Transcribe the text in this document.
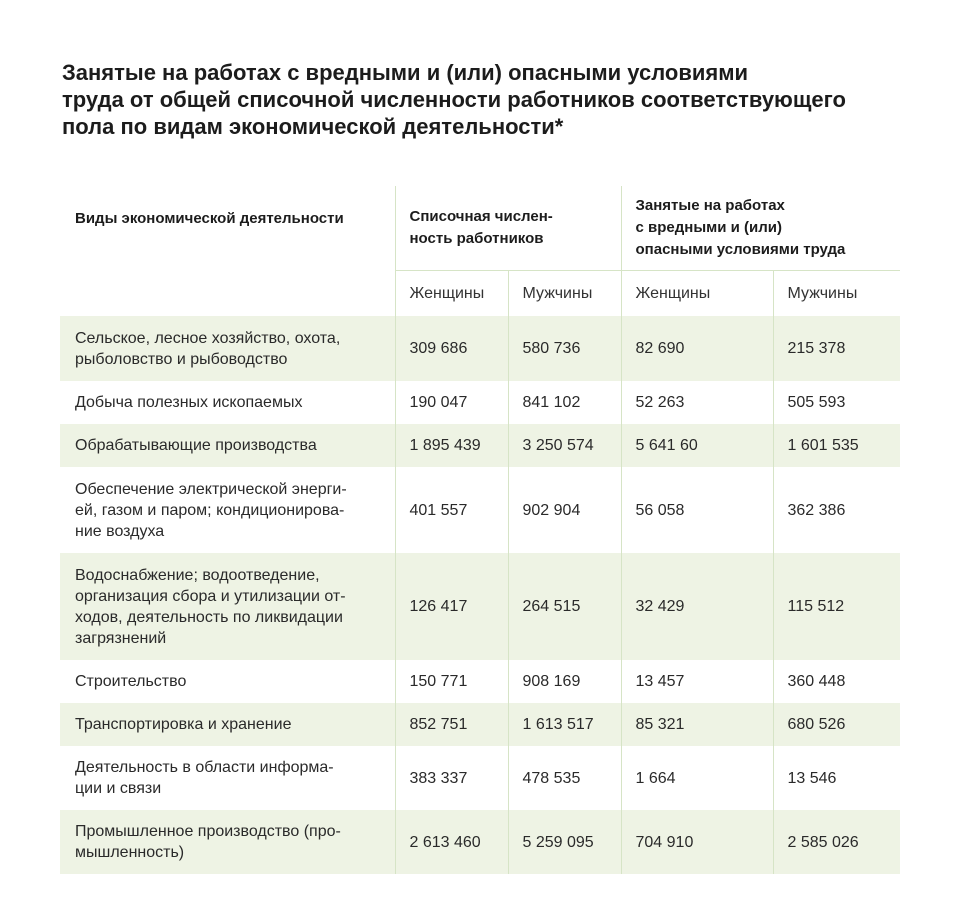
Занятые на работах с вредными и (или) опасными условиями
труда от общей списочной численности работников соответствующего
пола по видам экономической деятельности*
Виды экономической деятельности	Списочная числен-
ность работников		Занятые на работах
с вредными и (или)
опасными условиями труда	

	Женщины	Мужчины	Женщины	Мужчины

Сельское, лесное хозяйство, охота,
рыболовство и рыбоводство	309 686	580 736	82 690	215 378

Добыча полезных ископаемых	190 047	841 102	52 263	505 593

Обрабатывающие производства	1 895 439	3 250 574	5 641 60	1 601 535

Обеспечение электрической энерги-
ей, газом и паром; кондиционирова-
ние воздуха	401 557	902 904	56 058	362 386

Водоснабжение; водоотведение,
организация сбора и утилизации от-
ходов, деятельность по ликвидации
загрязнений	126 417	264 515	32 429	115 512

Строительство	150 771	908 169	13 457	360 448

Транспортировка и хранение	852 751	1 613 517	85 321	680 526

Деятельность в области информа-
ции и связи	383 337	478 535	1 664	13 546

Промышленное производство (про-
мышленность)	2 613 460	5 259 095	704 910	2 585 026
